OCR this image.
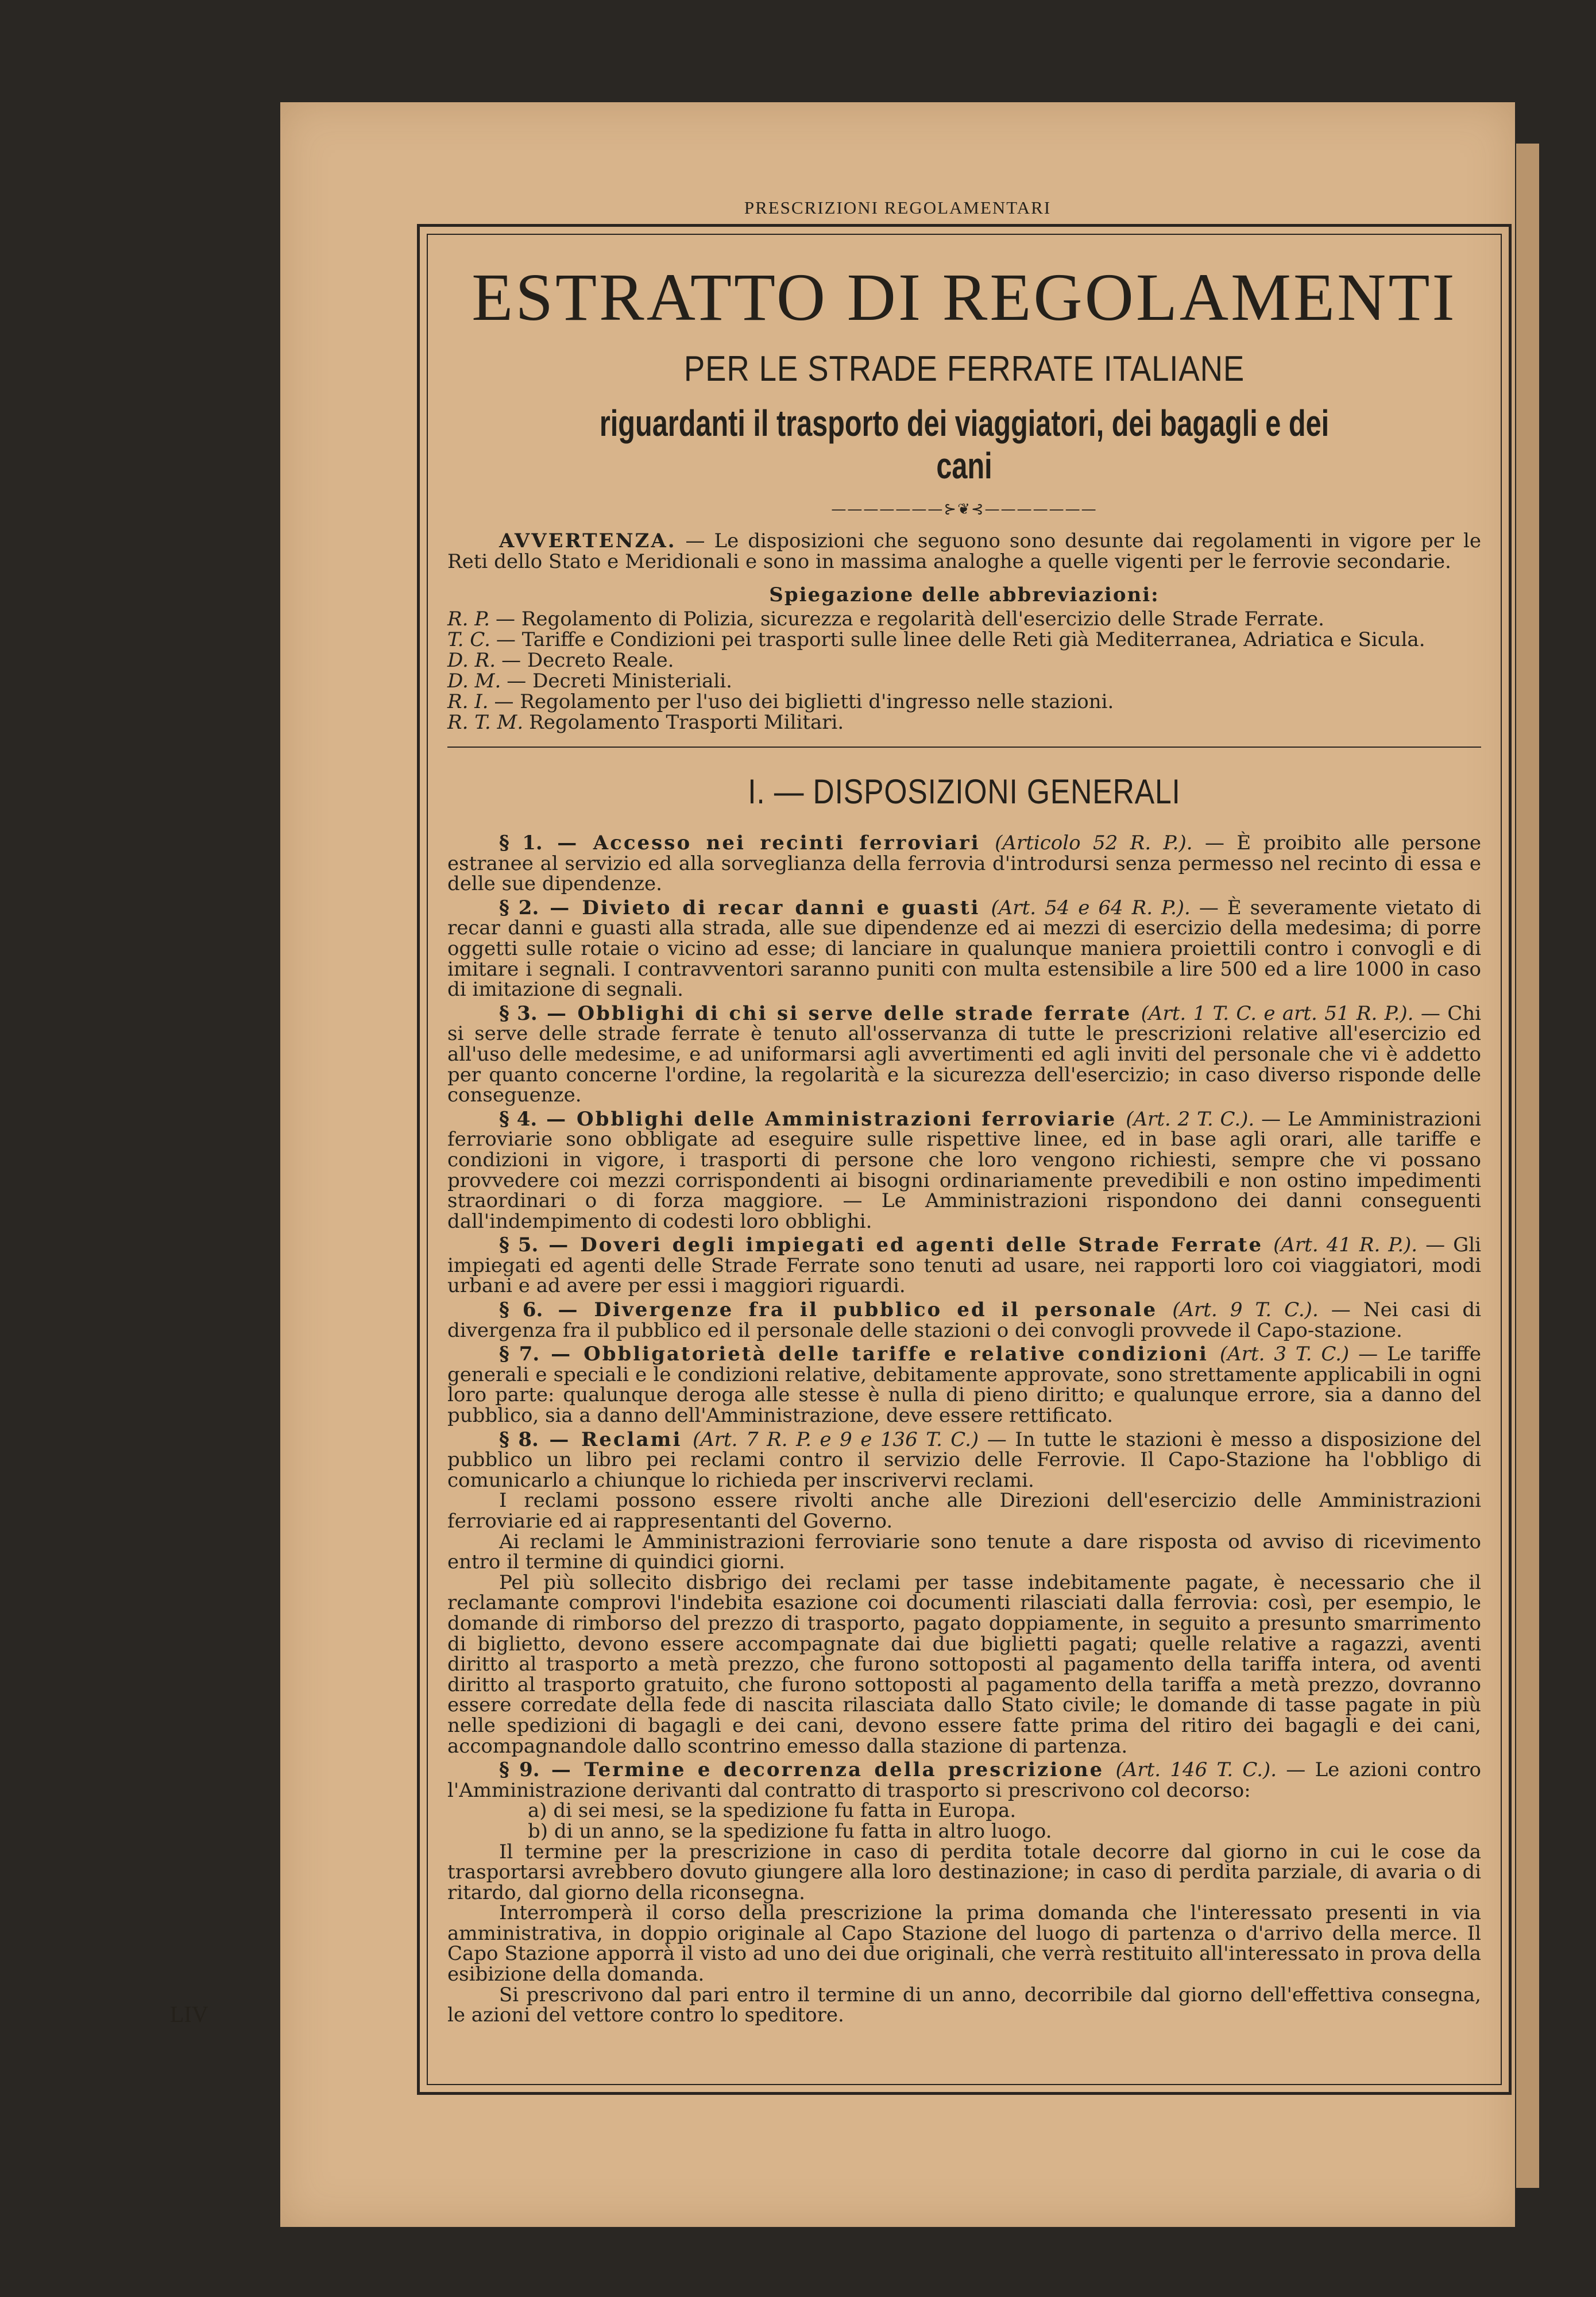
PRESCRIZIONI REGOLAMENTARI
ESTRATTO DI REGOLAMENTI
PER LE STRADE FERRATE ITALIANE
riguardanti il trasporto dei viaggiatori, dei bagagli e dei cani
———————⊱❦⊰———————

AVVERTENZA. — Le disposizioni che seguono sono desunte dai regolamenti in vigore per le Reti dello Stato e Meridionali e sono in massima analoghe a quelle vigenti per le ferrovie secondarie.

Spiegazione delle abbreviazioni:
R. P. — Regolamento di Polizia, sicurezza e regolarità dell'esercizio delle Strade Ferrate.
T. C. — Tariffe e Condizioni pei trasporti sulle linee delle Reti già Mediterranea, Adriatica e Sicula.
D. R. — Decreto Reale.
D. M. — Decreti Ministeriali.
R. I. — Regolamento per l'uso dei biglietti d'ingresso nelle stazioni.
R. T. M. Regolamento Trasporti Militari.
I. — DISPOSIZIONI GENERALI

§ 1. — Accesso nei recinti ferroviari (Articolo 52 R. P.). — È proibito alle persone estranee al servizio ed alla sorveglianza della ferrovia d'introdursi senza permesso nel recinto di essa e delle sue dipendenze.

§ 2. — Divieto di recar danni e guasti (Art. 54 e 64 R. P.). — È severamente vietato di recar danni e guasti alla strada, alle sue dipendenze ed ai mezzi di esercizio della medesima; di porre oggetti sulle rotaie o vicino ad esse; di lanciare in qualunque maniera proiettili contro i convogli e di imitare i segnali. I contravventori saranno puniti con multa estensibile a lire 500 ed a lire 1000 in caso di imitazione di segnali.

§ 3. — Obblighi di chi si serve delle strade ferrate (Art. 1 T. C. e art. 51 R. P.). — Chi si serve delle strade ferrate è tenuto all'osservanza di tutte le prescrizioni relative all'esercizio ed all'uso delle medesime, e ad uniformarsi agli avvertimenti ed agli inviti del personale che vi è addetto per quanto concerne l'ordine, la regolarità e la sicurezza dell'esercizio; in caso diverso risponde delle conseguenze.

§ 4. — Obblighi delle Amministrazioni ferroviarie (Art. 2 T. C.). — Le Amministrazioni ferroviarie sono obbligate ad eseguire sulle rispettive linee, ed in base agli orari, alle tariffe e condizioni in vigore, i trasporti di persone che loro vengono richiesti, sempre che vi possano provvedere coi mezzi corrispondenti ai bisogni ordinariamente prevedibili e non ostino impedimenti straordinari o di forza maggiore. — Le Amministrazioni rispondono dei danni conseguenti dall'indempimento di codesti loro obblighi.

§ 5. — Doveri degli impiegati ed agenti delle Strade Ferrate (Art. 41 R. P.). — Gli impiegati ed agenti delle Strade Ferrate sono tenuti ad usare, nei rapporti loro coi viaggiatori, modi urbani e ad avere per essi i maggiori riguardi.

§ 6. — Divergenze fra il pubblico ed il personale (Art. 9 T. C.). — Nei casi di divergenza fra il pubblico ed il personale delle stazioni o dei convogli provvede il Capo-stazione.

§ 7. — Obbligatorietà delle tariffe e relative condizioni (Art. 3 T. C.) — Le tariffe generali e speciali e le condizioni relative, debitamente approvate, sono strettamente applicabili in ogni loro parte: qualunque deroga alle stesse è nulla di pieno diritto; e qualunque errore, sia a danno del pubblico, sia a danno dell'Amministrazione, deve essere rettificato.

§ 8. — Reclami (Art. 7 R. P. e 9 e 136 T. C.) — In tutte le stazioni è messo a disposizione del pubblico un libro pei reclami contro il servizio delle Ferrovie. Il Capo-Stazione ha l'obbligo di comunicarlo a chiunque lo richieda per inscrivervi reclami.

I reclami possono essere rivolti anche alle Direzioni dell'esercizio delle Amministrazioni ferroviarie ed ai rappresentanti del Governo.

Ai reclami le Amministrazioni ferroviarie sono tenute a dare risposta od avviso di ricevimento entro il termine di quindici giorni.

Pel più sollecito disbrigo dei reclami per tasse indebitamente pagate, è necessario che il reclamante comprovi l'indebita esazione coi documenti rilasciati dalla ferrovia: così, per esempio, le domande di rimborso del prezzo di trasporto, pagato doppiamente, in seguito a presunto smarrimento di biglietto, devono essere accompagnate dai due biglietti pagati; quelle relative a ragazzi, aventi diritto al trasporto a metà prezzo, che furono sottoposti al pagamento della tariffa intera, od aventi diritto al trasporto gratuito, che furono sottoposti al pagamento della tariffa a metà prezzo, dovranno essere corredate della fede di nascita rilasciata dallo Stato civile; le domande di tasse pagate in più nelle spedizioni di bagagli e dei cani, devono essere fatte prima del ritiro dei bagagli e dei cani, accompagnandole dallo scontrino emesso dalla stazione di partenza.

§ 9. — Termine e decorrenza della prescrizione (Art. 146 T. C.). — Le azioni contro l'Amministrazione derivanti dal contratto di trasporto si prescrivono col decorso:

a) di sei mesi, se la spedizione fu fatta in Europa.

b) di un anno, se la spedizione fu fatta in altro luogo.

Il termine per la prescrizione in caso di perdita totale decorre dal giorno in cui le cose da trasportarsi avrebbero dovuto giungere alla loro destinazione; in caso di perdita parziale, di avaria o di ritardo, dal giorno della riconsegna.

Interromperà il corso della prescrizione la prima domanda che l'interessato presenti in via amministrativa, in doppio originale al Capo Stazione del luogo di partenza o d'arrivo della merce. Il Capo Stazione apporrà il visto ad uno dei due originali, che verrà restituito all'interessato in prova della esibizione della domanda.

Si prescrivono dal pari entro il termine di un anno, decorribile dal giorno dell'effettiva consegna, le azioni del vettore contro lo speditore.

LIV
